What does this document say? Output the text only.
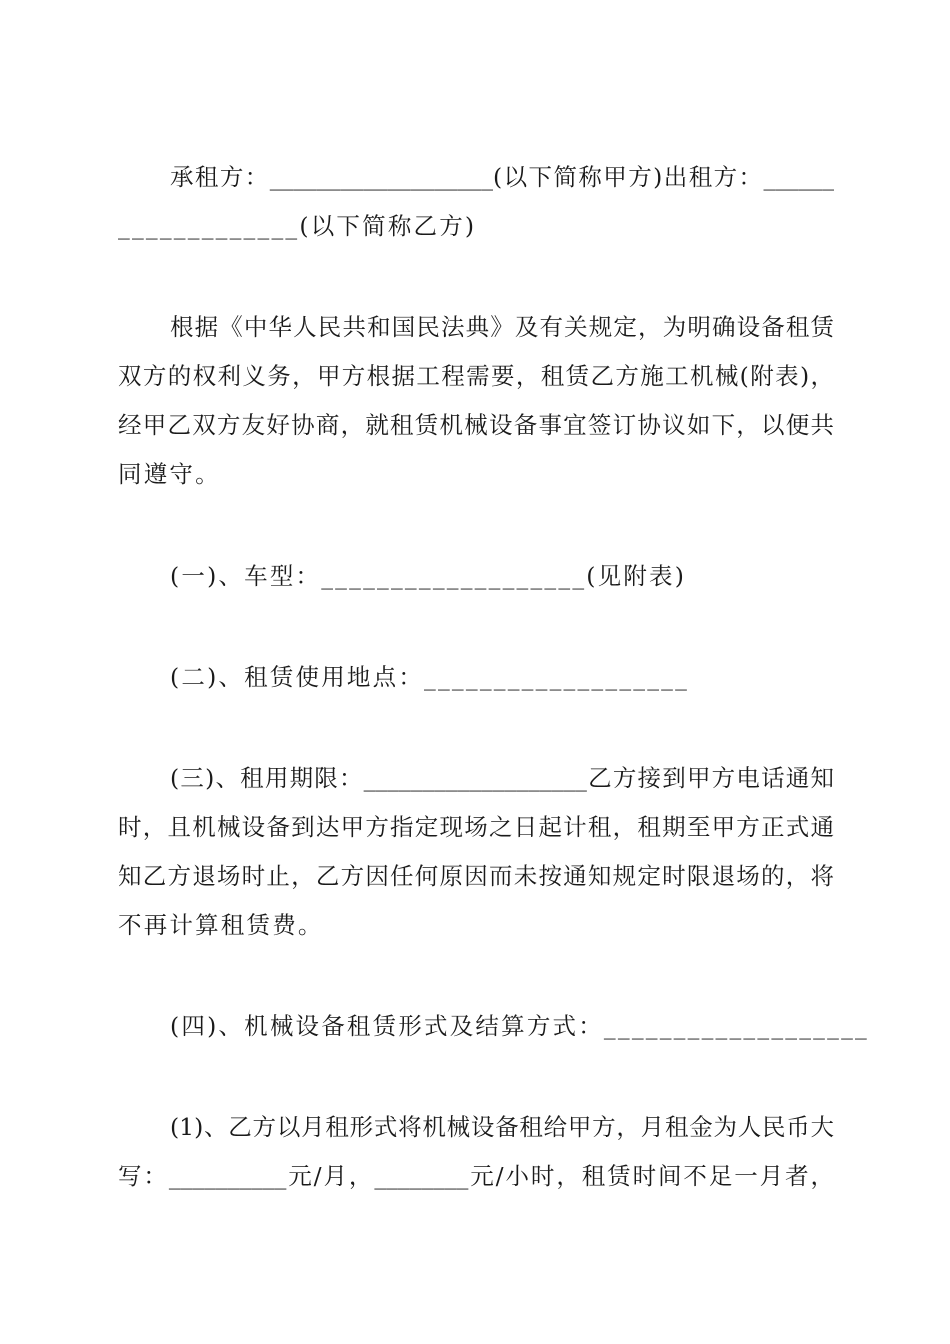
承租方：___________________(以下简称甲方)出租方：______
_____________(以下简称乙方)
根据《中华人民共和国民法典》及有关规定，为明确设备租赁
双方的权利义务，甲方根据工程需要，租赁乙方施工机械(附表)，
经甲乙双方友好协商，就租赁机械设备事宜签订协议如下，以便共
同遵守。
(一)、车型：___________________(见附表)
(二)、租赁使用地点：___________________
(三)、租用期限：___________________乙方接到甲方电话通知
时，且机械设备到达甲方指定现场之日起计租，租期至甲方正式通
知乙方退场时止，乙方因任何原因而未按通知规定时限退场的，将
不再计算租赁费。
(四)、机械设备租赁形式及结算方式：___________________
(1)、乙方以月租形式将机械设备租给甲方，月租金为人民币大
写：__________元/月，________元/小时，租赁时间不足一月者，
